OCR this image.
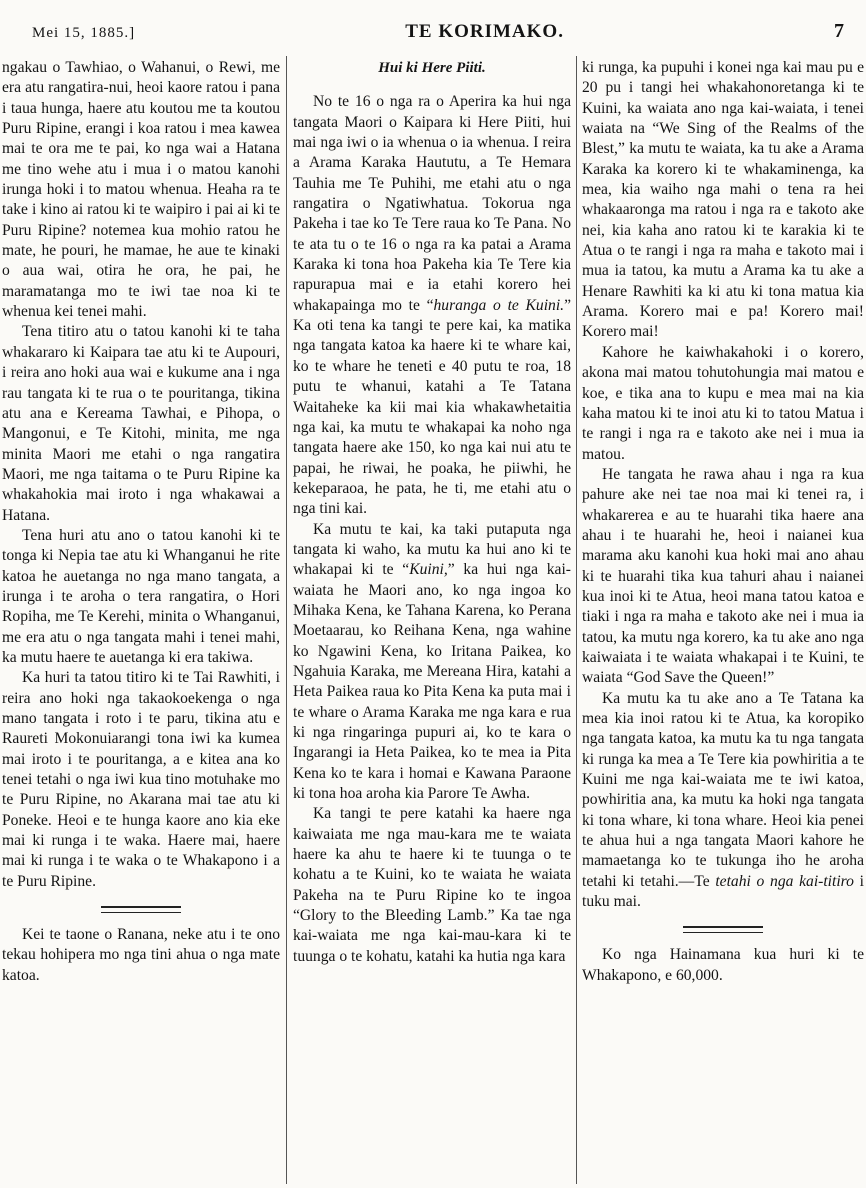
Mei 15, 1885.]	TE KORIMAKO.	7

ngakau o Tawhiao, o Wahanui, o Rewi, me era atu rangatira-nui, heoi kaore ratou i pana i taua hunga, haere atu koutou me ta koutou Puru Ripine, erangi i koa ratou i mea kawea mai te ora me te pai, ko nga wai a Hatana me tino wehe atu i mua i o matou kanohi irunga hoki i to matou whenua. Heaha ra te take i kino ai ratou ki te waipiro i pai ai ki te Puru Ripine? notemea kua mohio ratou he mate, he pouri, he mamae, he aue te kinaki o aua wai, otira he ora, he pai, he maramatanga mo te iwi tae noa ki te whenua kei tenei mahi.

Tena titiro atu o tatou kanohi ki te taha whakararo ki Kaipara tae atu ki te Aupouri, i reira ano hoki aua wai e kukume ana i nga rau tangata ki te rua o te pouritanga, tikina atu ana e Kereama Tawhai, e Pihopa, o Mangonui, e Te Kitohi, minita, me nga minita Maori me etahi o nga rangatira Maori, me nga taitama o te Puru Ripine ka whakahokia mai iroto i nga whakawai a Hatana.

Tena huri atu ano o tatou kanohi ki te tonga ki Nepia tae atu ki Whanganui he rite katoa he auetanga no nga mano tangata, a irunga i te aroha o tera rangatira, o Hori Ropiha, me Te Kerehi, minita o Whanganui, me era atu o nga tangata mahi i tenei mahi, ka mutu haere te auetanga ki era takiwa.

Ka huri ta tatou titiro ki te Tai Rawhiti, i reira ano hoki nga takaokoekenga o nga mano tangata i roto i te paru, tikina atu e Raureti Mokonuiarangi tona iwi ka kumea mai iroto i te pouritanga, a e kitea ana ko tenei tetahi o nga iwi kua tino motuhake mo te Puru Ripine, no Akarana mai tae atu ki Poneke. Heoi e te hunga kaore ano kia eke mai ki runga i te waka. Haere mai, haere mai ki runga i te waka o te Whakapono i a te Puru Ripine.

Kei te taone o Ranana, neke atu i te ono tekau hohipera mo nga tini ahua o nga mate katoa.

Hui ki Here Piiti.

No te 16 o nga ra o Aperira ka hui nga tangata Maori o Kaipara ki Here Piiti, hui mai nga iwi o ia whenua o ia whenua. I reira a Arama Karaka Haututu, a Te Hemara Tauhia me Te Puhihi, me etahi atu o nga rangatira o Ngatiwhatua. Tokorua nga Pakeha i tae ko Te Tere raua ko Te Pana. No te ata tu o te 16 o nga ra ka patai a Arama Karaka ki tona hoa Pakeha kia Te Tere kia rapurapua mai e ia etahi korero hei whakapainga mo te “huranga o te Kuini.” Ka oti tena ka tangi te pere kai, ka matika nga tangata katoa ka haere ki te whare kai, ko te whare he teneti e 40 putu te roa, 18 putu te whanui, katahi a Te Tatana Waitaheke ka kii mai kia whakawhetaitia nga kai, ka mutu te whakapai ka noho nga tangata haere ake 150, ko nga kai nui atu te papai, he riwai, he poaka, he piiwhi, he kekeparaoa, he pata, he ti, me etahi atu o nga tini kai.

Ka mutu te kai, ka taki putaputa nga tangata ki waho, ka mutu ka hui ano ki te whakapai ki te “Kuini,” ka hui nga kai-waiata he Maori ano, ko nga ingoa ko Mihaka Kena, ke Tahana Karena, ko Perana Moetaarau, ko Reihana Kena, nga wahine ko Ngawini Kena, ko Iritana Paikea, ko Ngahuia Karaka, me Mereana Hira, katahi a Heta Paikea raua ko Pita Kena ka puta mai i te whare o Arama Karaka me nga kara e rua ki nga ringaringa pupuri ai, ko te kara o Ingarangi ia Heta Paikea, ko te mea ia Pita Kena ko te kara i homai e Kawana Paraone ki tona hoa aroha kia Parore Te Awha.

Ka tangi te pere katahi ka haere nga kaiwaiata me nga mau-kara me te waiata haere ka ahu te haere ki te tuunga o te kohatu a te Kuini, ko te waiata he waiata Pakeha na te Puru Ripine ko te ingoa “Glory to the Bleeding Lamb.” Ka tae nga kai-waiata me nga kai-mau-kara ki te tuunga o te kohatu, katahi ka hutia nga kara

ki runga, ka pupuhi i konei nga kai mau pu e 20 pu i tangi hei whakahonoretanga ki te Kuini, ka waiata ano nga kai-waiata, i tenei waiata na “We Sing of the Realms of the Blest,” ka mutu te waiata, ka tu ake a Arama Karaka ka korero ki te whakaminenga, ka mea, kia waiho nga mahi o tena ra hei whakaaronga ma ratou i nga ra e takoto ake nei, kia kaha ano ratou ki te karakia ki te Atua o te rangi i nga ra maha e takoto mai i mua ia tatou, ka mutu a Arama ka tu ake a Henare Rawhiti ka ki atu ki tona matua kia Arama. Korero mai e pa! Korero mai! Korero mai!

Kahore he kaiwhakahoki i o korero, akona mai matou tohutohungia mai matou e koe, e tika ana to kupu e mea mai na kia kaha matou ki te inoi atu ki to tatou Matua i te rangi i nga ra e takoto ake nei i mua ia matou.

He tangata he rawa ahau i nga ra kua pahure ake nei tae noa mai ki tenei ra, i whakarerea e au te huarahi tika haere ana ahau i te huarahi he, heoi i naianei kua marama aku kanohi kua hoki mai ano ahau ki te huarahi tika kua tahuri ahau i naianei kua inoi ki te Atua, heoi mana tatou katoa e tiaki i nga ra maha e takoto ake nei i mua ia tatou, ka mutu nga korero, ka tu ake ano nga kaiwaiata i te waiata whakapai i te Kuini, te waiata “God Save the Queen!”

Ka mutu ka tu ake ano a Te Tatana ka mea kia inoi ratou ki te Atua, ka koropiko nga tangata katoa, ka mutu ka tu nga tangata ki runga ka mea a Te Tere kia powhiritia a te Kuini me nga kai-waiata me te iwi katoa, powhiritia ana, ka mutu ka hoki nga tangata ki tona whare, ki tona whare. Heoi kia penei te ahua hui a nga tangata Maori kahore he mamaetanga ko te tukunga iho he aroha tetahi ki tetahi.—Te tetahi o nga kai-titiro i tuku mai.

Ko nga Hainamana kua huri ki te Whakapono, e 60,000.
